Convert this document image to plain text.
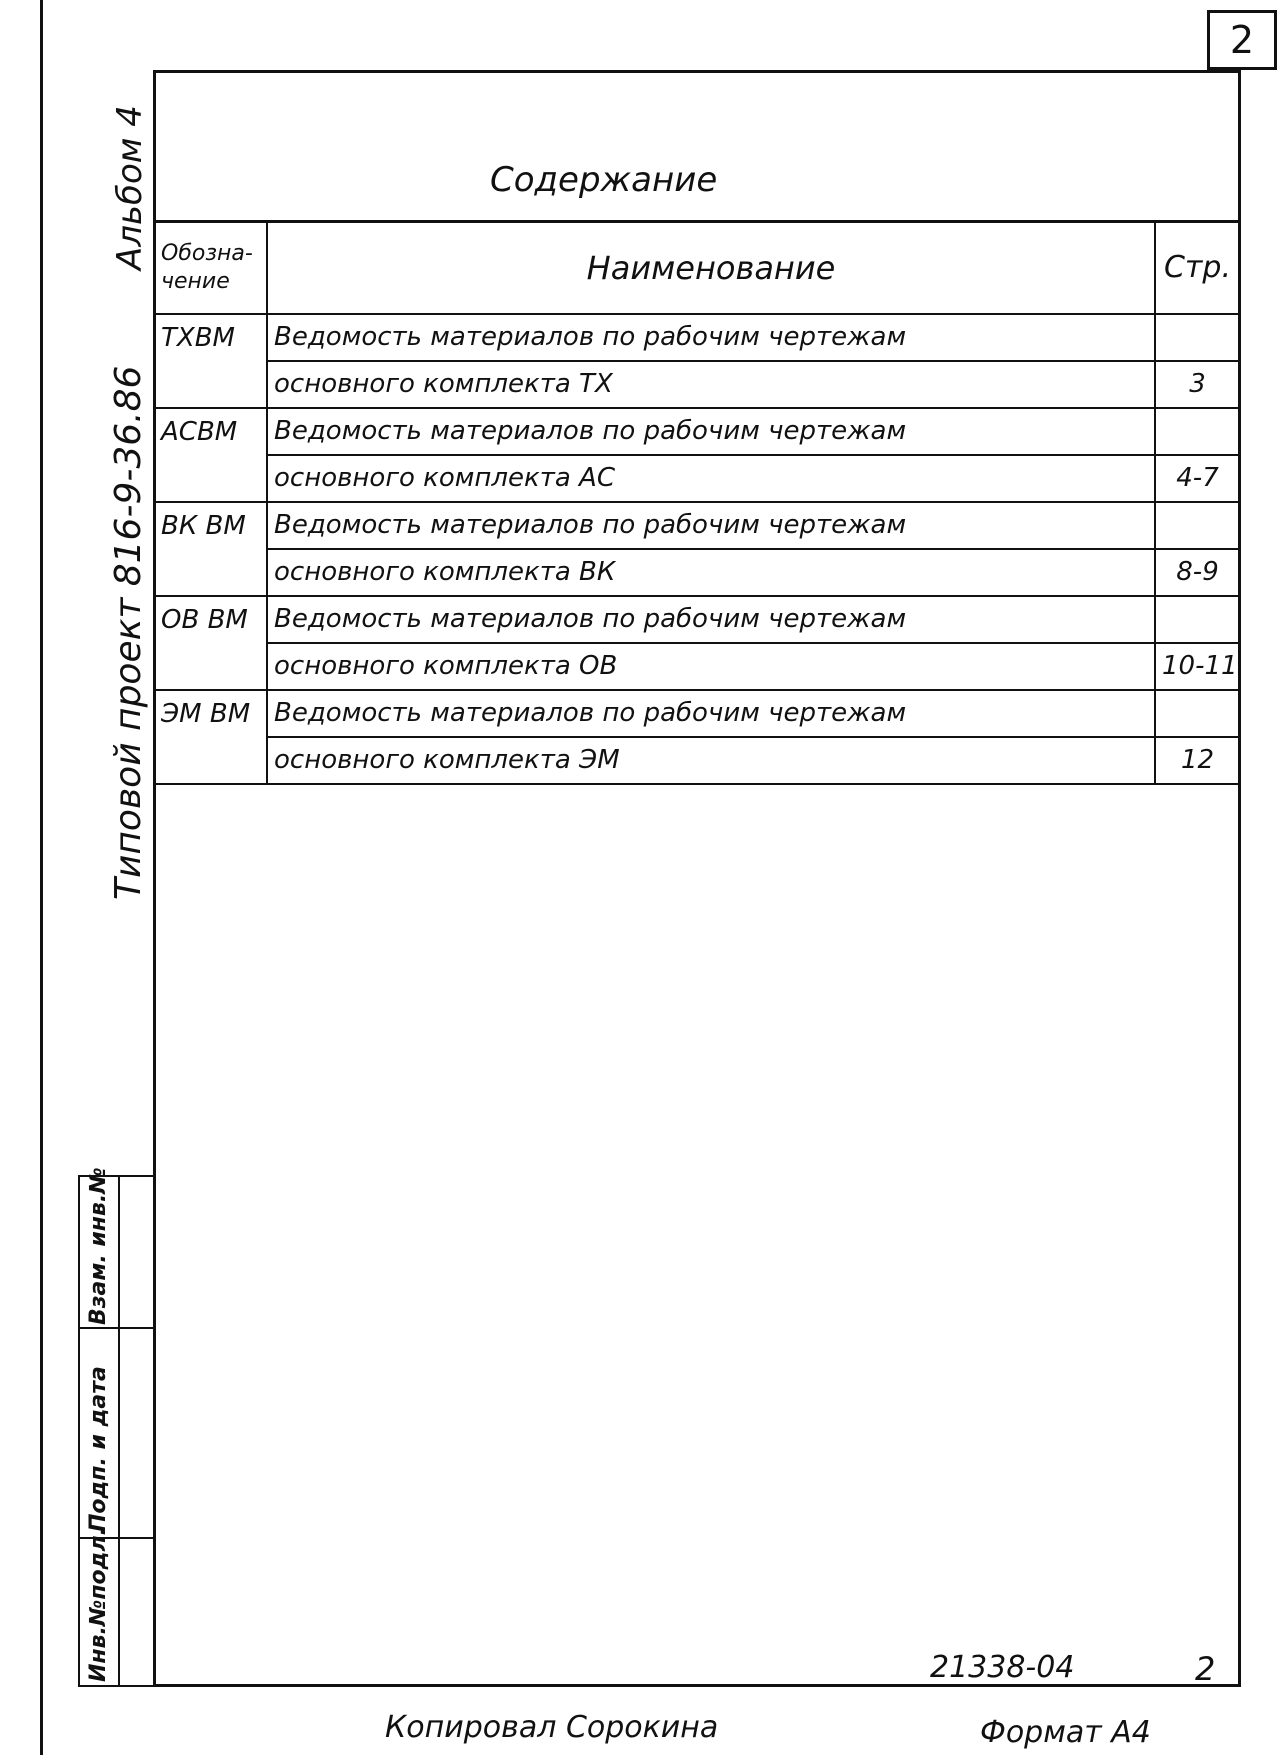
2
Содержание
Обозна-
чение	Наименование	Стр.
ТХВМ	Ведомость материалов по рабочим чертежам	
	основного комплекта ТХ	3
АСВМ	Ведомость материалов по рабочим чертежам	
	основного комплекта АС	4-7
ВК ВМ	Ведомость материалов по рабочим чертежам	
	основного комплекта ВК	8-9
ОВ ВМ	Ведомость материалов по рабочим чертежам	
	основного комплекта ОВ	10-11
ЭМ ВМ	Ведомость материалов по рабочим чертежам	
	основного комплекта ЭМ	12
Альбом 4
Типовой проект 816-9-36.86
Взам. инв.№
Подп. и дата
Инв.№подл.	21338-04	2
Копировал Сорокина	Формат А4
